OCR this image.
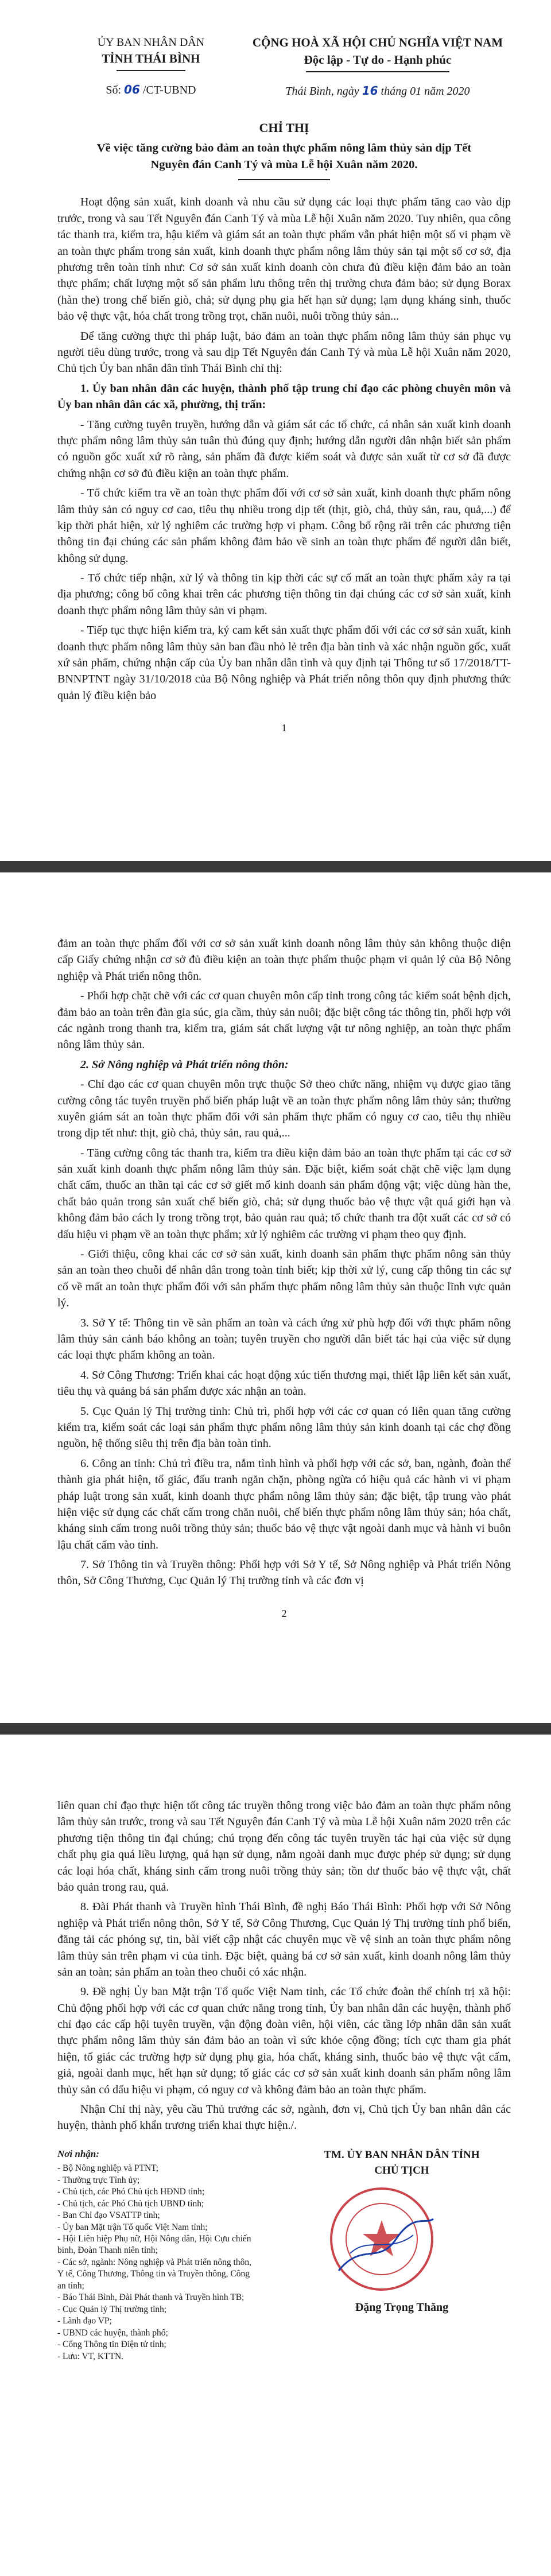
ỦY BAN NHÂN DÂN
TỈNH THÁI BÌNH
Số: 06 /CT-UBND
CỘNG HOÀ XÃ HỘI CHỦ NGHĨA VIỆT NAM
Độc lập - Tự do - Hạnh phúc
Thái Bình, ngày 16 tháng 01 năm 2020
CHỈ THỊ
Về việc tăng cường bảo đảm an toàn thực phẩm nông lâm thủy sản dịp Tết Nguyên đán Canh Tý và mùa Lễ hội Xuân năm 2020.

Hoạt động sản xuất, kinh doanh và nhu cầu sử dụng các loại thực phẩm tăng cao vào dịp trước, trong và sau Tết Nguyên đán Canh Tý và mùa Lễ hội Xuân năm 2020. Tuy nhiên, qua công tác thanh tra, kiểm tra, hậu kiểm và giám sát an toàn thực phẩm vẫn phát hiện một số vi phạm về an toàn thực phẩm trong sản xuất, kinh doanh thực phẩm nông lâm thủy sản tại một số cơ sở, địa phương trên toàn tỉnh như: Cơ sở sản xuất kinh doanh còn chưa đủ điều kiện đảm bảo an toàn thực phẩm; chất lượng một số sản phẩm lưu thông trên thị trường chưa đảm bảo; sử dụng Borax (hàn the) trong chế biến giò, chả; sử dụng phụ gia hết hạn sử dụng; lạm dụng kháng sinh, thuốc bảo vệ thực vật, hóa chất trong trồng trọt, chăn nuôi, nuôi trồng thủy sản...

Để tăng cường thực thi pháp luật, bảo đảm an toàn thực phẩm nông lâm thủy sản phục vụ người tiêu dùng trước, trong và sau dịp Tết Nguyên đán Canh Tý và mùa Lễ hội Xuân năm 2020, Chủ tịch Ủy ban nhân dân tỉnh Thái Bình chỉ thị:

1. Ủy ban nhân dân các huyện, thành phố tập trung chỉ đạo các phòng chuyên môn và Ủy ban nhân dân các xã, phường, thị trấn:

- Tăng cường tuyên truyền, hướng dẫn và giám sát các tổ chức, cá nhân sản xuất kinh doanh thực phẩm nông lâm thủy sản tuân thủ đúng quy định; hướng dẫn người dân nhận biết sản phẩm có nguồn gốc xuất xứ rõ ràng, sản phẩm đã được kiểm soát và được sản xuất từ cơ sở đã được chứng nhận cơ sở đủ điều kiện an toàn thực phẩm.

- Tổ chức kiểm tra về an toàn thực phẩm đối với cơ sở sản xuất, kinh doanh thực phẩm nông lâm thủy sản có nguy cơ cao, tiêu thụ nhiều trong dịp tết (thịt, giò, chả, thủy sản, rau, quả,...) để kịp thời phát hiện, xử lý nghiêm các trường hợp vi phạm. Công bố rộng rãi trên các phương tiện thông tin đại chúng các sản phẩm không đảm bảo về sinh an toàn thực phẩm để người dân biết, không sử dụng.

- Tổ chức tiếp nhận, xử lý và thông tin kịp thời các sự cố mất an toàn thực phẩm xảy ra tại địa phương; công bố công khai trên các phương tiện thông tin đại chúng các cơ sở sản xuất, kinh doanh thực phẩm nông lâm thủy sản vi phạm.

- Tiếp tục thực hiện kiểm tra, ký cam kết sản xuất thực phẩm đối với các cơ sở sản xuất, kinh doanh thực phẩm nông lâm thủy sản ban đầu nhỏ lẻ trên địa bàn tỉnh và xác nhận nguồn gốc, xuất xứ sản phẩm, chứng nhận cấp của Ủy ban nhân dân tỉnh và quy định tại Thông tư số 17/2018/TT-BNNPTNT ngày 31/10/2018 của Bộ Nông nghiệp và Phát triển nông thôn quy định phương thức quản lý điều kiện bảo

1

đảm an toàn thực phẩm đối với cơ sở sản xuất kinh doanh nông lâm thủy sản không thuộc diện cấp Giấy chứng nhận cơ sở đủ điều kiện an toàn thực phẩm thuộc phạm vi quản lý của Bộ Nông nghiệp và Phát triển nông thôn.

- Phối hợp chặt chẽ với các cơ quan chuyên môn cấp tỉnh trong công tác kiểm soát bệnh dịch, đảm bảo an toàn trên đàn gia súc, gia cầm, thủy sản nuôi; đặc biệt công tác thông tin, phối hợp với các ngành trong thanh tra, kiểm tra, giám sát chất lượng vật tư nông nghiệp, an toàn thực phẩm nông lâm thủy sản.

2. Sở Nông nghiệp và Phát triển nông thôn:

- Chỉ đạo các cơ quan chuyên môn trực thuộc Sở theo chức năng, nhiệm vụ được giao tăng cường công tác tuyên truyền phổ biến pháp luật về an toàn thực phẩm nông lâm thủy sản; thường xuyên giám sát an toàn thực phẩm đối với sản phẩm thực phẩm có nguy cơ cao, tiêu thụ nhiều trong dịp tết như: thịt, giò chả, thủy sản, rau quả,...

- Tăng cường công tác thanh tra, kiểm tra điều kiện đảm bảo an toàn thực phẩm tại các cơ sở sản xuất kinh doanh thực phẩm nông lâm thủy sản. Đặc biệt, kiểm soát chặt chẽ việc lạm dụng chất cấm, thuốc an thần tại các cơ sở giết mổ kinh doanh sản phẩm động vật; việc dùng hàn the, chất bảo quản trong sản xuất chế biến giò, chả; sử dụng thuốc bảo vệ thực vật quá giới hạn và không đảm bảo cách ly trong trồng trọt, bảo quản rau quả; tổ chức thanh tra đột xuất các cơ sở có dấu hiệu vi phạm về an toàn thực phẩm; xử lý nghiêm các trường vi phạm theo quy định.

- Giới thiệu, công khai các cơ sở sản xuất, kinh doanh sản phẩm thực phẩm nông sản thủy sản an toàn theo chuỗi để nhân dân trong toàn tỉnh biết; kịp thời xử lý, cung cấp thông tin các sự cố về mất an toàn thực phẩm đối với sản phẩm thực phẩm nông lâm thủy sản thuộc lĩnh vực quản lý.

3. Sở Y tế: Thông tin về sản phẩm an toàn và cách ứng xử phù hợp đối với thực phẩm nông lâm thủy sản cảnh báo không an toàn; tuyên truyền cho người dân biết tác hại của việc sử dụng các loại thực phẩm không an toàn.

4. Sở Công Thương: Triển khai các hoạt động xúc tiến thương mại, thiết lập liên kết sản xuất, tiêu thụ và quảng bá sản phẩm được xác nhận an toàn.

5. Cục Quản lý Thị trường tỉnh: Chủ trì, phối hợp với các cơ quan có liên quan tăng cường kiểm tra, kiểm soát các loại sản phẩm thực phẩm nông lâm thủy sản kinh doanh tại các chợ đồng nguồn, hệ thống siêu thị trên địa bàn toàn tỉnh.

6. Công an tỉnh: Chủ trì điều tra, nắm tình hình và phối hợp với các sở, ban, ngành, đoàn thể thành gia phát hiện, tổ giác, đấu tranh ngăn chặn, phòng ngừa có hiệu quả các hành vi vi phạm pháp luật trong sản xuất, kinh doanh thực phẩm nông lâm thủy sản; đặc biệt, tập trung vào phát hiện việc sử dụng các chất cấm trong chăn nuôi, chế biến thực phẩm nông lâm thủy sản; hóa chất, kháng sinh cấm trong nuôi trồng thủy sản; thuốc bảo vệ thực vật ngoài danh mục và hành vi buôn lậu chất cấm vào tỉnh.

7. Sở Thông tin và Truyền thông: Phối hợp với Sở Y tế, Sở Nông nghiệp và Phát triển Nông thôn, Sở Công Thương, Cục Quản lý Thị trường tỉnh và các đơn vị

2

liên quan chỉ đạo thực hiện tốt công tác truyền thông trong việc bảo đảm an toàn thực phẩm nông lâm thủy sản trước, trong và sau Tết Nguyên đán Canh Tý và mùa Lễ hội Xuân năm 2020 trên các phương tiện thông tin đại chúng; chú trọng đến công tác tuyên truyền tác hại của việc sử dụng chất phụ gia quá liều lượng, quá hạn sử dụng, nằm ngoài danh mục được phép sử dụng; sử dụng các loại hóa chất, kháng sinh cấm trong nuôi trồng thủy sản; tồn dư thuốc bảo vệ thực vật, chất bảo quản trong rau, quả.

8. Đài Phát thanh và Truyền hình Thái Bình, đề nghị Báo Thái Bình: Phối hợp với Sở Nông nghiệp và Phát triển nông thôn, Sở Y tế, Sở Công Thương, Cục Quản lý Thị trường tỉnh phổ biến, đăng tải các phóng sự, tin, bài viết cập nhật các chuyên mục về vệ sinh an toàn thực phẩm nông lâm thủy sản trên phạm vi của tỉnh. Đặc biệt, quảng bá cơ sở sản xuất, kinh doanh nông lâm thủy sản an toàn; sản phẩm an toàn theo chuỗi có xác nhận.

9. Đề nghị Ủy ban Mặt trận Tổ quốc Việt Nam tỉnh, các Tổ chức đoàn thể chính trị xã hội: Chủ động phối hợp với các cơ quan chức năng trong tỉnh, Ủy ban nhân dân các huyện, thành phố chỉ đạo các cấp hội tuyên truyền, vận động đoàn viên, hội viên, các tầng lớp nhân dân sản xuất thực phẩm nông lâm thủy sản đảm bảo an toàn vì sức khỏe cộng đồng; tích cực tham gia phát hiện, tố giác các trường hợp sử dụng phụ gia, hóa chất, kháng sinh, thuốc bảo vệ thực vật cấm, giả, ngoài danh mục, hết hạn sử dụng; tố giác các cơ sở sản xuất kinh doanh sản phẩm nông lâm thủy sản có dấu hiệu vi phạm, có nguy cơ và không đảm bảo an toàn thực phẩm.

Nhận Chỉ thị này, yêu cầu Thủ trưởng các sở, ngành, đơn vị, Chủ tịch Ủy ban nhân dân các huyện, thành phố khẩn trương triển khai thực hiện./.

Nơi nhận:
- Bộ Nông nghiệp và PTNT;
- Thường trực Tỉnh ủy;
- Chủ tịch, các Phó Chủ tịch HĐND tỉnh;
- Chủ tịch, các Phó Chủ tịch UBND tỉnh;
- Ban Chỉ đạo VSATTP tỉnh;
- Ủy ban Mặt trận Tổ quốc Việt Nam tỉnh;
- Hội Liên hiệp Phụ nữ, Hội Nông dân, Hội Cựu chiến binh, Đoàn Thanh niên tỉnh;
- Các sở, ngành: Nông nghiệp và Phát triển nông thôn, Y tế, Công Thương, Thông tin và Truyền thông, Công an tỉnh;
- Báo Thái Bình, Đài Phát thanh và Truyền hình TB;
- Cục Quản lý Thị trường tỉnh;
- Lãnh đạo VP;
- UBND các huyện, thành phố;
- Cổng Thông tin Điện tử tỉnh;
- Lưu: VT, KTTN.
TM. ỦY BAN NHÂN DÂN TỈNH
CHỦ TỊCH
Đặng Trọng Thăng
